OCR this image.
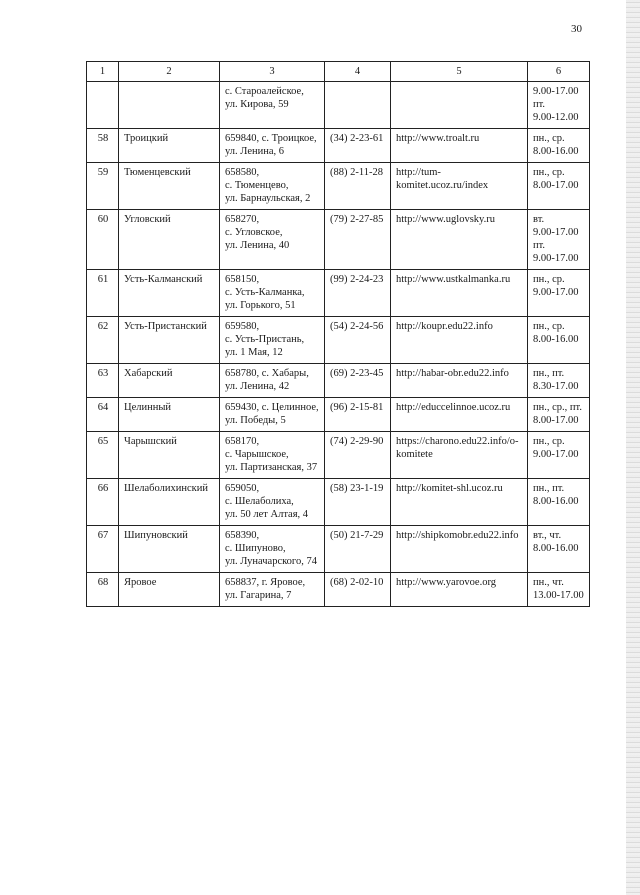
30
1	2	3	4	5	6
		с. Староалейское,
ул. Кирова, 59			9.00-17.00
пт.
9.00-12.00
58	Троицкий	659840, с. Троицкое,
ул. Ленина, 6	(34) 2-23-61	http://www.troalt.ru	пн., ср.
8.00-16.00
59	Тюменцевский	658580,
с. Тюменцево,
ул. Барнаульская, 2	(88) 2-11-28	http://tum-
komitet.ucoz.ru/index	пн., ср.
8.00-17.00
60	Угловский	658270,
с. Угловское,
ул. Ленина, 40	(79) 2-27-85	http://www.uglovsky.ru	вт.
9.00-17.00
пт.
9.00-17.00
61	Усть-Калманский	658150,
с. Усть-Калманка,
ул. Горького, 51	(99) 2-24-23	http://www.ustkalmanka.ru	пн., ср.
9.00-17.00
62	Усть-Пристанский	659580,
с. Усть-Пристань,
ул. 1 Мая, 12	(54) 2-24-56	http://koupr.edu22.info	пн., ср.
8.00-16.00
63	Хабарский	658780, с. Хабары,
ул. Ленина, 42	(69) 2-23-45	http://habar-obr.edu22.info	пн., пт.
8.30-17.00
64	Целинный	659430, с. Целинное,
ул. Победы, 5	(96) 2-15-81	http://educcelinnoe.ucoz.ru	пн., ср., пт.
8.00-17.00
65	Чарышский	658170,
с. Чарышское,
ул. Партизанская, 37	(74) 2-29-90	https://charono.edu22.info/o-
komitete	пн., ср.
9.00-17.00
66	Шелаболихинский	659050,
с. Шелаболиха,
ул. 50 лет Алтая, 4	(58) 23-1-19	http://komitet-shl.ucoz.ru	пн., пт.
8.00-16.00
67	Шипуновский	658390,
с. Шипуново,
ул. Луначарского, 74	(50) 21-7-29	http://shipkomobr.edu22.info	вт., чт.
8.00-16.00
68	Яровое	658837, г. Яровое,
ул. Гагарина, 7	(68) 2-02-10	http://www.yarovoe.org	пн., чт.
13.00-17.00
